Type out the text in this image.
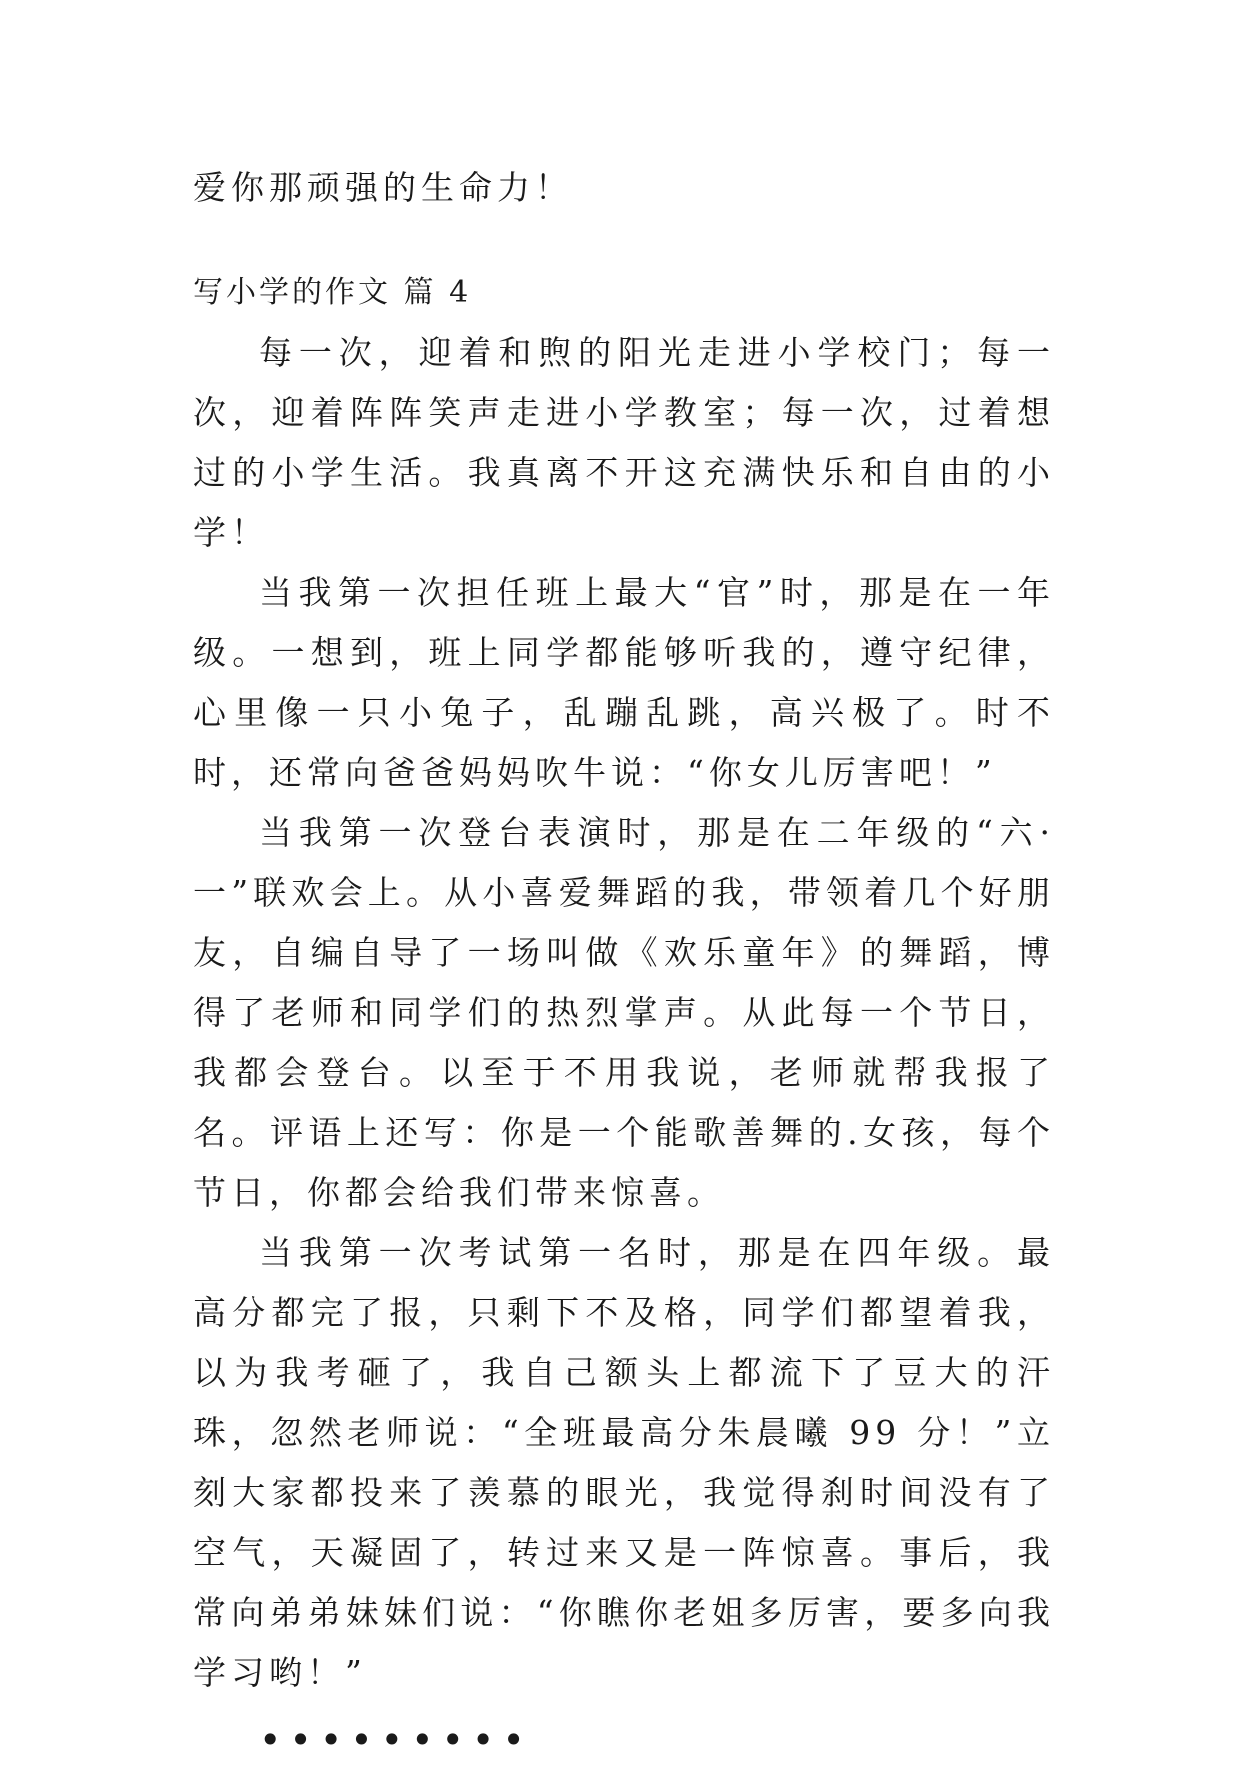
爱你那顽强的生命力！

写小学的作文 篇 4

每一次，迎着和煦的阳光走进小学校门；每一次，迎着阵阵笑声走进小学教室；每一次，过着想过的小学生活。我真离不开这充满快乐和自由的小学！

当我第一次担任班上最大“官”时，那是在一年级。一想到，班上同学都能够听我的，遵守纪律，心里像一只小兔子，乱蹦乱跳，高兴极了。时不时，还常向爸爸妈妈吹牛说：“你女儿厉害吧！”

当我第一次登台表演时，那是在二年级的“六·一”联欢会上。从小喜爱舞蹈的我，带领着几个好朋友，自编自导了一场叫做《欢乐童年》的舞蹈，博得了老师和同学们的热烈掌声。从此每一个节日，我都会登台。以至于不用我说，老师就帮我报了名。评语上还写：你是一个能歌善舞的.女孩，每个节日，你都会给我们带来惊喜。

当我第一次考试第一名时，那是在四年级。最高分都完了报，只剩下不及格，同学们都望着我，以为我考砸了，我自己额头上都流下了豆大的汗珠，忽然老师说：“全班最高分朱晨曦 99 分！”立刻大家都投来了羡慕的眼光，我觉得刹时间没有了空气，天凝固了，转过来又是一阵惊喜。事后，我常向弟弟妹妹们说：“你瞧你老姐多厉害，要多向我学习哟！”

•••••••••
